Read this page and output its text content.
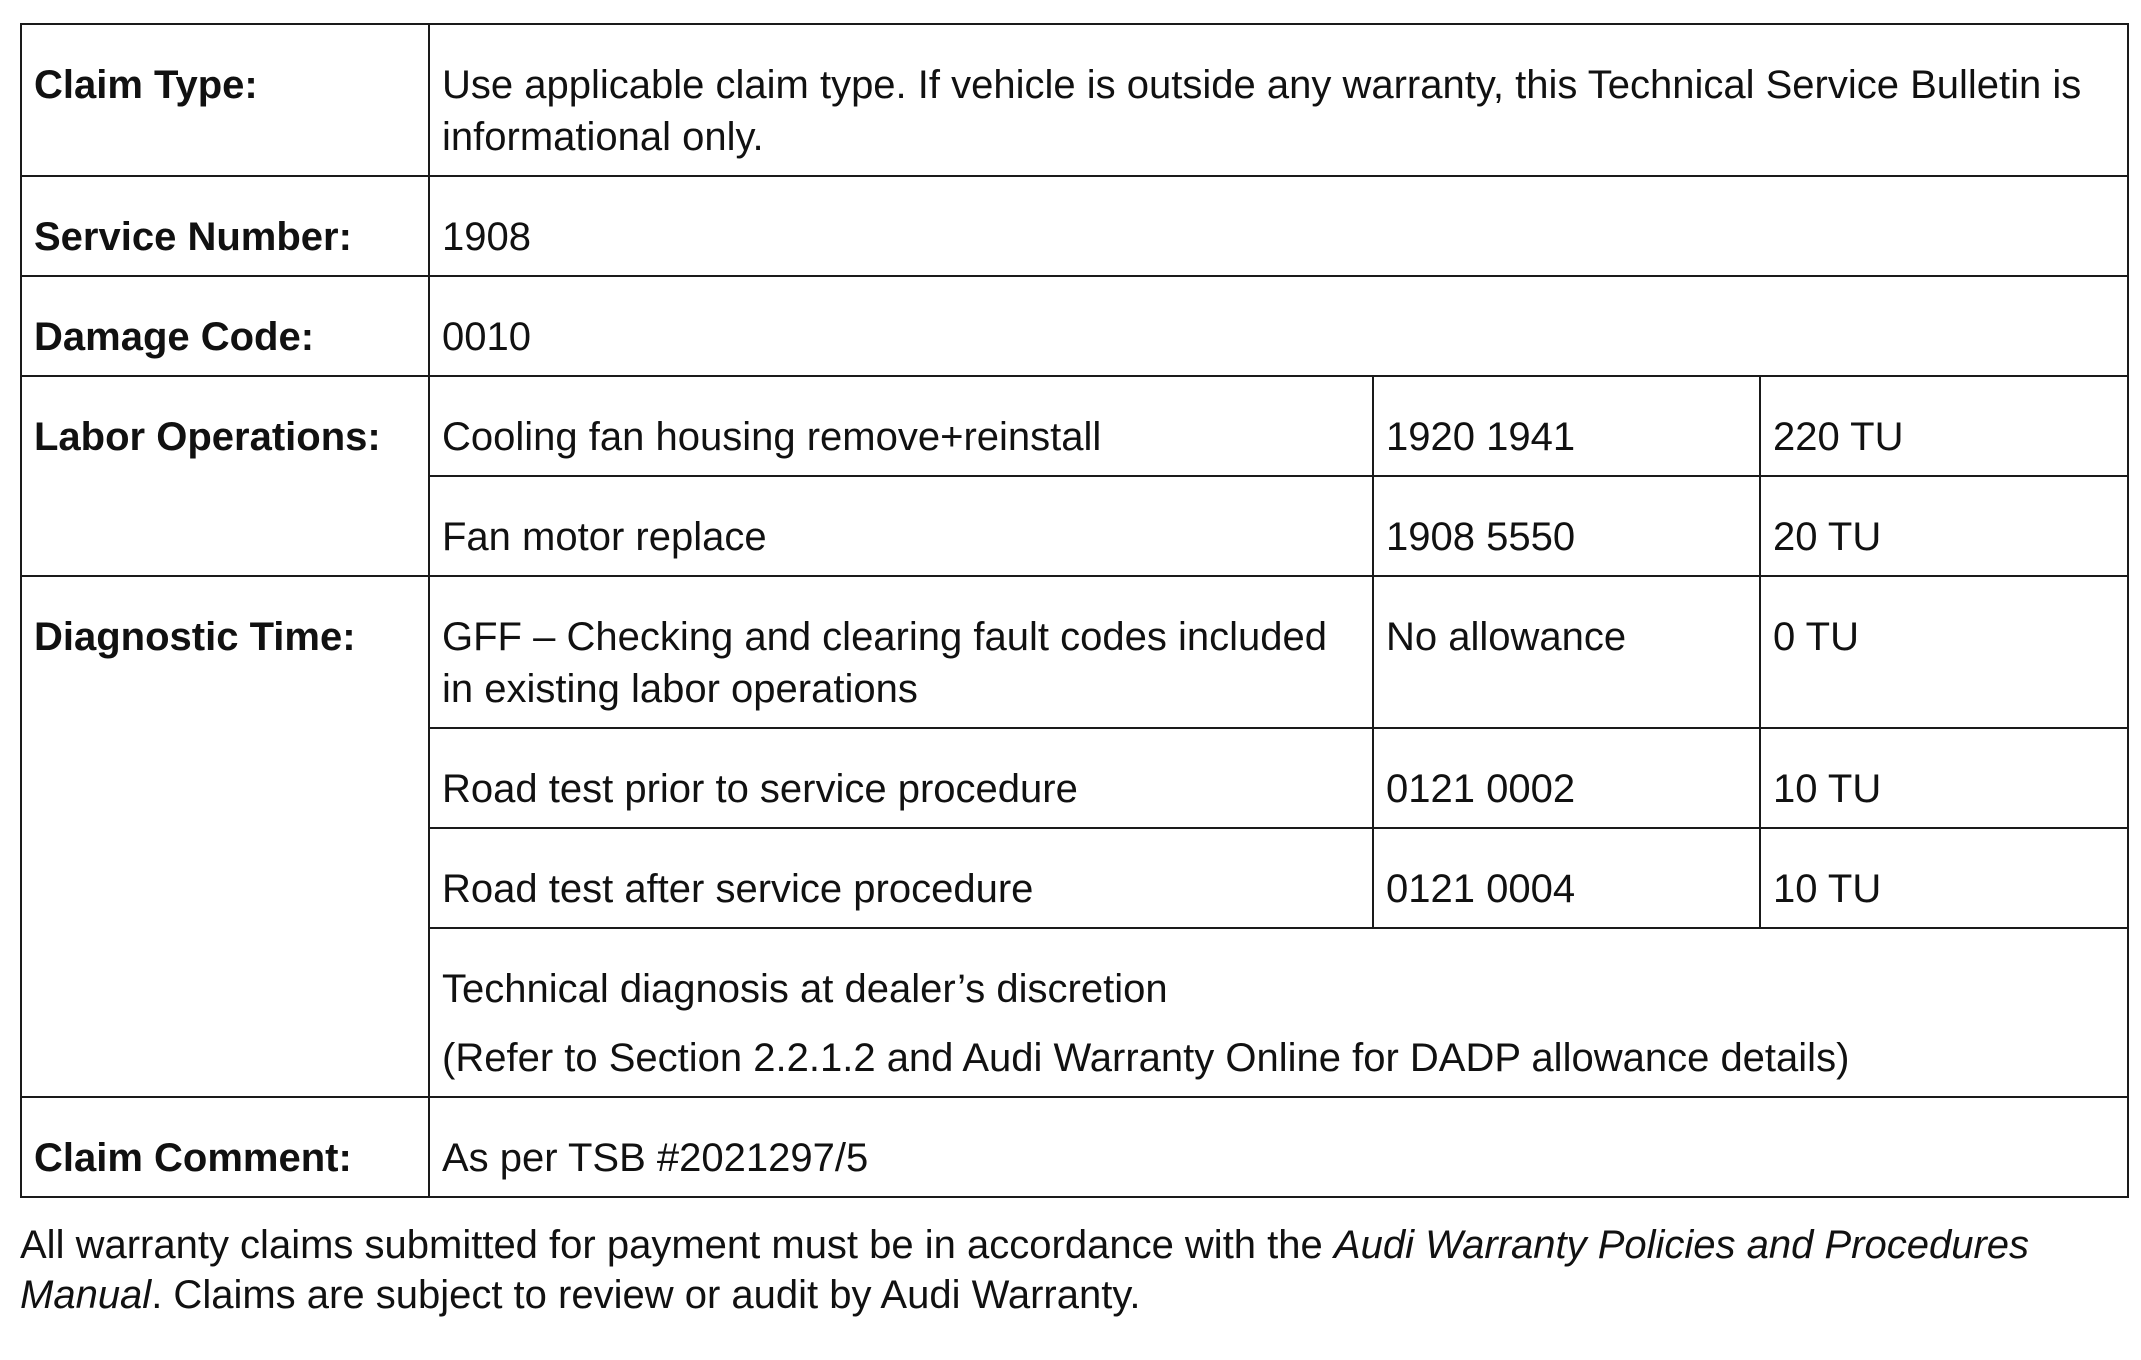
Claim Type:	Use applicable claim type. If vehicle is outside any warranty, this Technical Service Bulletin is informational only.		
Service Number:	1908		
Damage Code:	0010		
Labor Operations:	Cooling fan housing remove+reinstall	1920 1941	220 TU
	Fan motor replace	1908 5550	20 TU
Diagnostic Time:	GFF – Checking and clearing fault codes included in existing labor operations	No allowance	0 TU
	Road test prior to service procedure	0121 0002	10 TU
	Road test after service procedure	0121 0004	10 TU
	Technical diagnosis at dealer’s discretion
(Refer to Section 2.2.1.2 and Audi Warranty Online for DADP allowance details)		

Claim Comment:	As per TSB #2021297/5		

All warranty claims submitted for payment must be in accordance with the Audi Warranty Policies and Procedures Manual. Claims are subject to review or audit by Audi Warranty.
